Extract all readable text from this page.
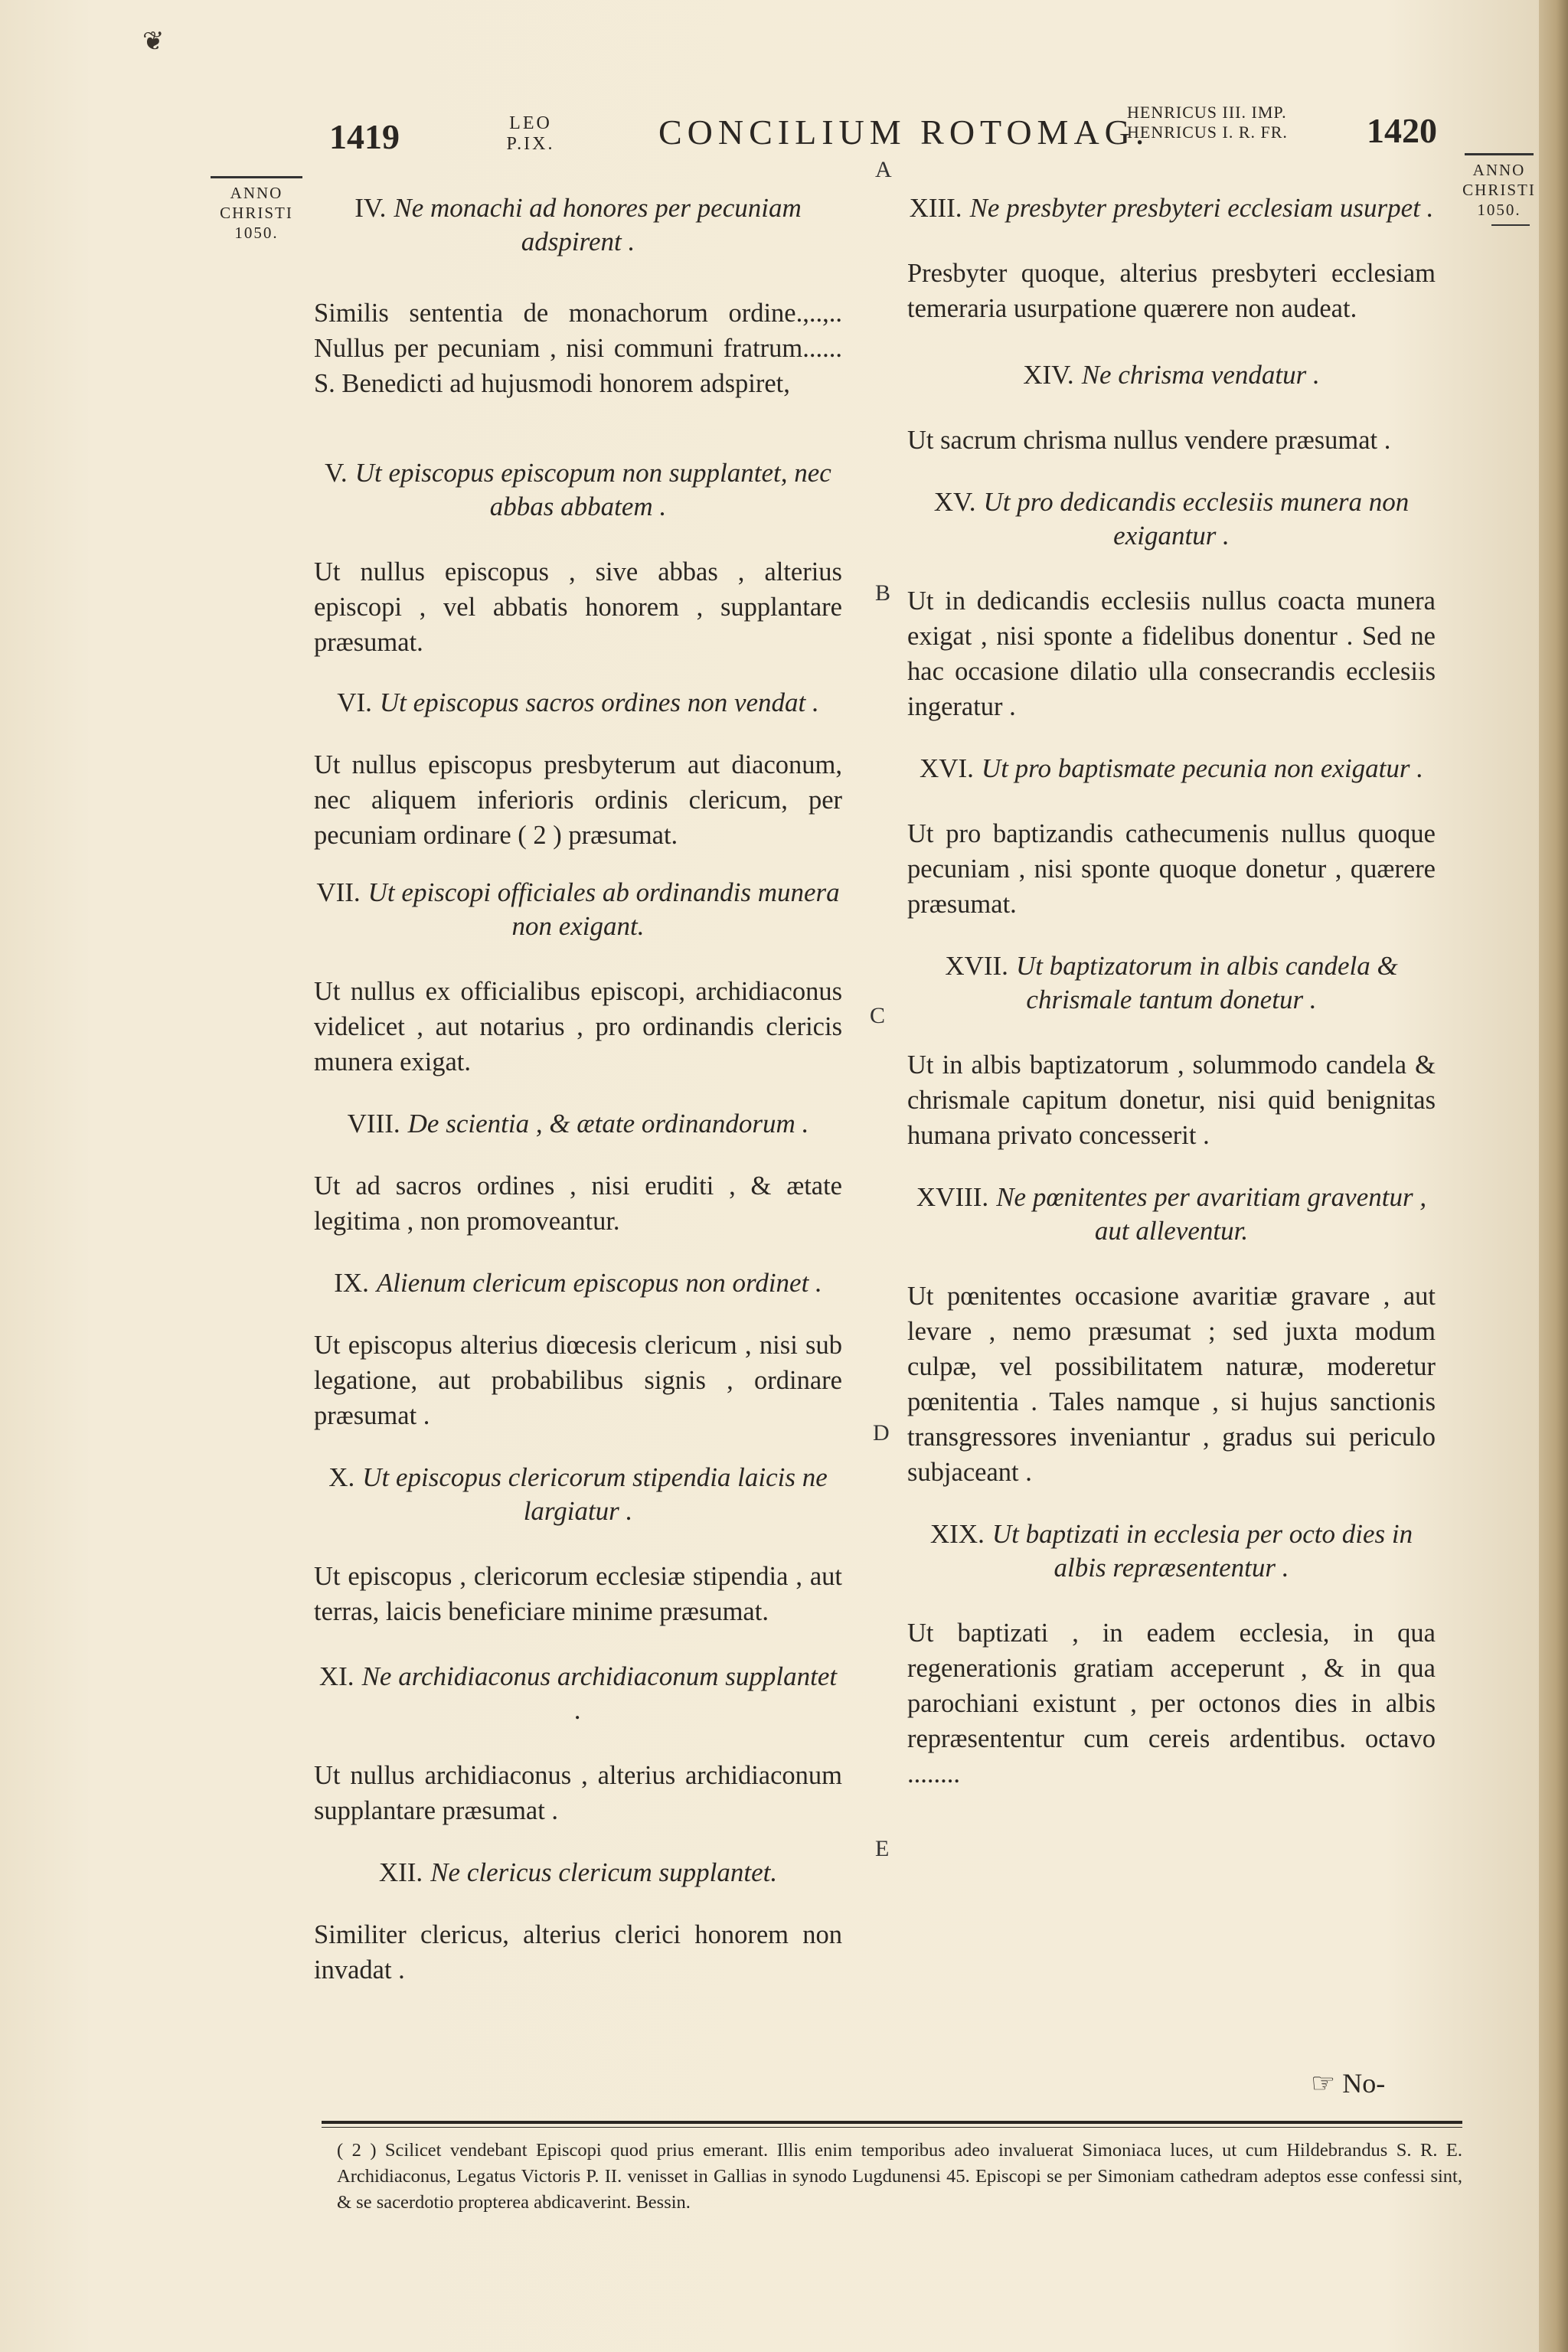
❦
1419	LEO
P.IX.	CONCILIUM ROTOMAG.
HENRICUS III. IMP.
HENRICUS I. R. FR. 1420
ANNO
CHRISTI
1050.
ANNO
CHRISTI
1050.
A
B
C
D
E

IV. Ne monachi ad honores per pecuniam adspirent .

Similis sententia de monachorum ordine.,..,.. Nullus per pecuniam , nisi communi fratrum...... S. Benedicti ad hujusmodi honorem adspiret,

V. Ut episcopus episcopum non supplantet, nec abbas abbatem .

Ut nullus episcopus , sive abbas , alterius episcopi , vel abbatis honorem , supplantare præsumat.

VI. Ut episcopus sacros ordines non vendat .

Ut nullus episcopus presbyterum aut diaconum, nec aliquem inferioris ordinis clericum, per pecuniam ordinare ( 2 ) præsumat.

VII. Ut episcopi officiales ab ordinandis munera non exigant.

Ut nullus ex officialibus episcopi, archidiaconus videlicet , aut notarius , pro ordinandis clericis munera exigat.

VIII. De scientia , & ætate ordinandorum .

Ut ad sacros ordines , nisi eruditi , & ætate legitima , non promoveantur.

IX. Alienum clericum episcopus non ordinet .

Ut episcopus alterius diœcesis clericum , nisi sub legatione, aut probabilibus signis , ordinare præsumat .

X. Ut episcopus clericorum stipendia laicis ne largiatur .

Ut episcopus , clericorum ecclesiæ stipendia , aut terras, laicis beneficiare minime præsumat.

XI. Ne archidiaconus archidiaconum supplantet .

Ut nullus archidiaconus , alterius archidiaconum supplantare præsumat .

XII. Ne clericus clericum supplantet.

Similiter clericus, alterius clerici honorem non invadat .

XIII. Ne presbyter presbyteri ecclesiam usurpet .

Presbyter quoque, alterius presbyteri ecclesiam temeraria usurpatione quærere non audeat.

XIV. Ne chrisma vendatur .

Ut sacrum chrisma nullus vendere præsumat .

XV. Ut pro dedicandis ecclesiis munera non exigantur .

Ut in dedicandis ecclesiis nullus coacta munera exigat , nisi sponte a fidelibus donentur . Sed ne hac occasione dilatio ulla consecrandis ecclesiis ingeratur .

XVI. Ut pro baptismate pecunia non exigatur .

Ut pro baptizandis cathecumenis nullus quoque pecuniam , nisi sponte quoque donetur , quærere præsumat.

XVII. Ut baptizatorum in albis candela & chrismale tantum donetur .

Ut in albis baptizatorum , solummodo candela & chrismale capitum donetur, nisi quid benignitas humana privato concesserit .

XVIII. Ne pœnitentes per avaritiam graventur , aut alleventur.

Ut pœnitentes occasione avaritiæ gravare , aut levare , nemo præsumat ; sed juxta modum culpæ, vel possibilitatem naturæ, moderetur pœnitentia . Tales namque , si hujus sanctionis transgressores inveniantur , gradus sui periculo subjaceant .

XIX. Ut baptizati in ecclesia per octo dies in albis repræsententur .

Ut baptizati , in eadem ecclesia, in qua regenerationis gratiam acceperunt , & in qua parochiani existunt , per octonos dies in albis repræsententur cum cereis ardentibus. octavo ........

☞ No-
( 2 ) Scilicet vendebant Episcopi quod prius emerant. Illis enim temporibus adeo invaluerat Simoniaca luces, ut cum Hildebrandus S. R. E. Archidiaconus, Legatus Victoris P. II. venisset in Gallias in synodo Lugdunensi 45. Episcopi se per Simoniam cathedram adeptos esse confessi sint, & se sacerdotio propterea abdicaverint. Bessin.
